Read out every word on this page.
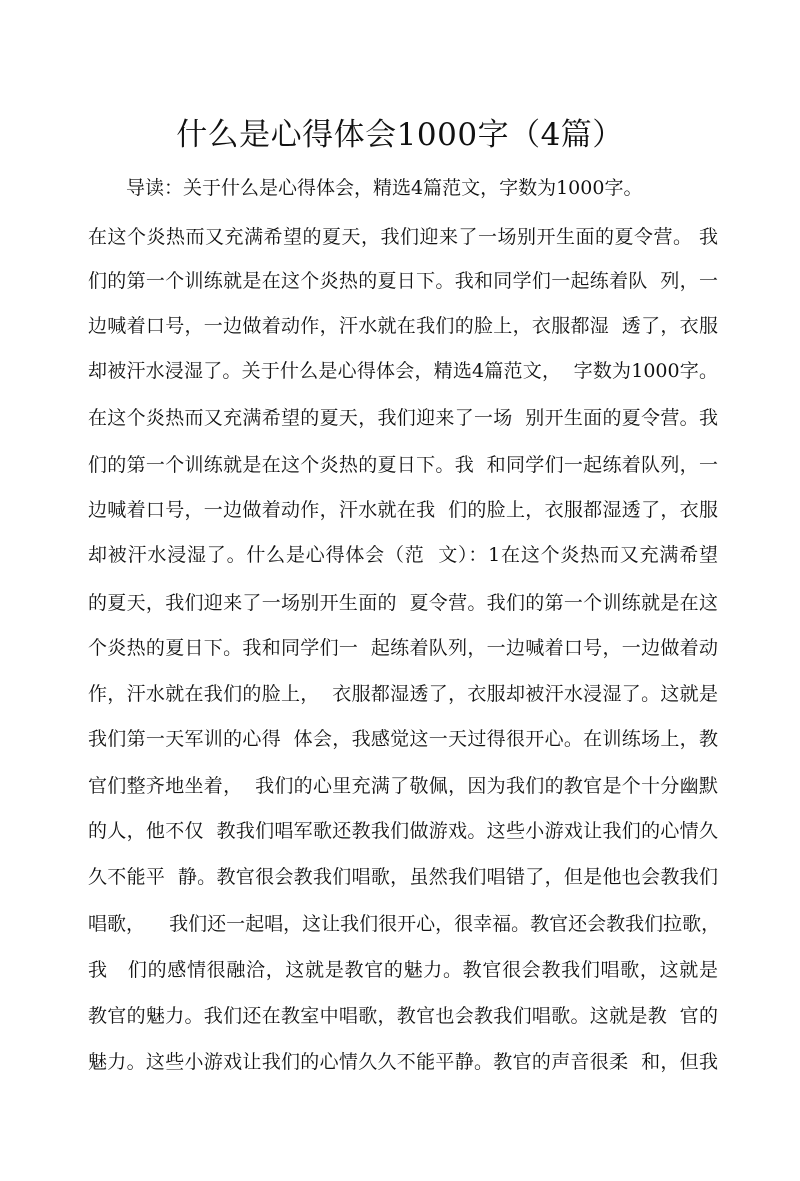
什么是心得体会1000字（4篇）
导读：关于什么是心得体会，精选4篇范文，字数为1000字。
在这个炎热而又充满希望的夏天，我们迎来了一场别开生面的夏令营。 我
们的第一个训练就是在这个炎热的夏日下。我和同学们一起练着队  列，一
边喊着口号，一边做着动作，汗水就在我们的脸上，衣服都湿  透了，衣服
却被汗水浸湿了。关于什么是心得体会，精选4篇范文，  字数为1000字。
在这个炎热而又充满希望的夏天，我们迎来了一场  别开生面的夏令营。我
们的第一个训练就是在这个炎热的夏日下。我  和同学们一起练着队列，一
边喊着口号，一边做着动作，汗水就在我  们的脸上，衣服都湿透了，衣服
却被汗水浸湿了。什么是心得体会（范  文）：1在这个炎热而又充满希望
的夏天，我们迎来了一场别开生面的  夏令营。我们的第一个训练就是在这
个炎热的夏日下。我和同学们一  起练着队列，一边喊着口号，一边做着动
作，汗水就在我们的脸上，  衣服都湿透了，衣服却被汗水浸湿了。这就是
我们第一天军训的心得  体会，我感觉这一天过得很开心。在训练场上，教
官们整齐地坐着，  我们的心里充满了敬佩，因为我们的教官是个十分幽默
的人，他不仅  教我们唱军歌还教我们做游戏。这些小游戏让我们的心情久
久不能平  静。教官很会教我们唱歌，虽然我们唱错了，但是他也会教我们
唱歌，    我们还一起唱，这让我们很开心，很幸福。教官还会教我们拉歌，
我   们的感情很融洽，这就是教官的魅力。教官很会教我们唱歌，这就是
教官的魅力。我们还在教室中唱歌，教官也会教我们唱歌。这就是教  官的
魅力。这些小游戏让我们的心情久久不能平静。教官的声音很柔  和，但我
